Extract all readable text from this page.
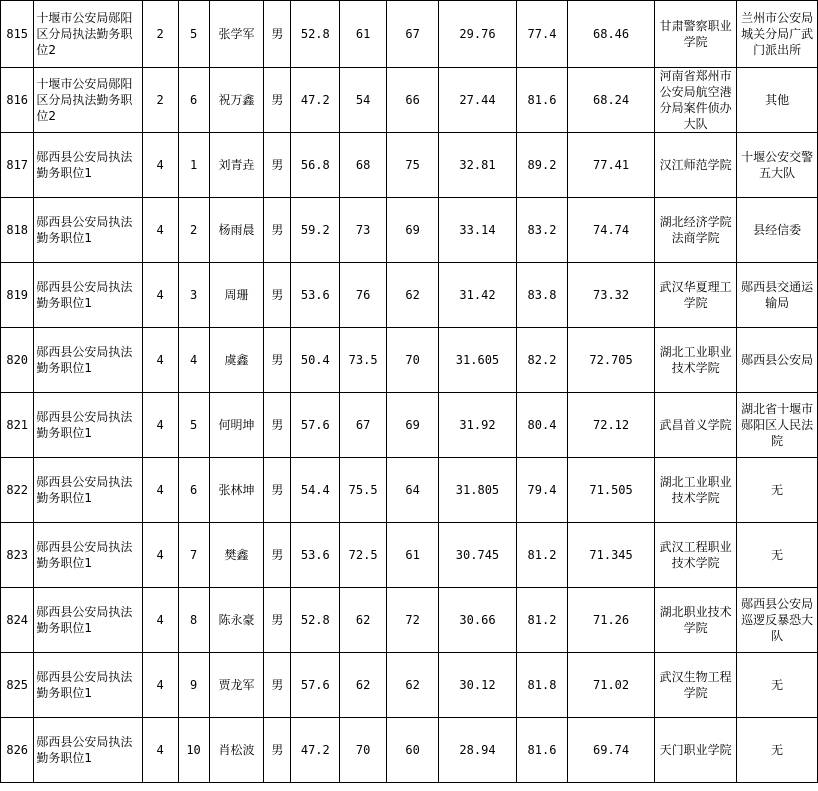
815	十堰市公安局郧阳区分局执法勤务职位2	2	5	张学军	男	52.8	61	67	29.76	77.4	68.46	甘肃警察职业学院	兰州市公安局城关分局广武门派出所
816	十堰市公安局郧阳区分局执法勤务职位2	2	6	祝万鑫	男	47.2	54	66	27.44	81.6	68.24	河南省郑州市公安局航空港分局案件侦办大队	其他
817	郧西县公安局执法勤务职位1	4	1	刘青垚	男	56.8	68	75	32.81	89.2	77.41	汉江师范学院	十堰公安交警五大队
818	郧西县公安局执法勤务职位1	4	2	杨雨晨	男	59.2	73	69	33.14	83.2	74.74	湖北经济学院法商学院	县经信委
819	郧西县公安局执法勤务职位1	4	3	周珊	男	53.6	76	62	31.42	83.8	73.32	武汉华夏理工学院	郧西县交通运输局
820	郧西县公安局执法勤务职位1	4	4	虞鑫	男	50.4	73.5	70	31.605	82.2	72.705	湖北工业职业技术学院	郧西县公安局
821	郧西县公安局执法勤务职位1	4	5	何明坤	男	57.6	67	69	31.92	80.4	72.12	武昌首义学院	湖北省十堰市郧阳区人民法院
822	郧西县公安局执法勤务职位1	4	6	张林坤	男	54.4	75.5	64	31.805	79.4	71.505	湖北工业职业技术学院	无
823	郧西县公安局执法勤务职位1	4	7	樊鑫	男	53.6	72.5	61	30.745	81.2	71.345	武汉工程职业技术学院	无
824	郧西县公安局执法勤务职位1	4	8	陈永豪	男	52.8	62	72	30.66	81.2	71.26	湖北职业技术学院	郧西县公安局巡逻反暴恐大队
825	郧西县公安局执法勤务职位1	4	9	贾龙军	男	57.6	62	62	30.12	81.8	71.02	武汉生物工程学院	无
826	郧西县公安局执法勤务职位1	4	10	肖松波	男	47.2	70	60	28.94	81.6	69.74	天门职业学院	无
